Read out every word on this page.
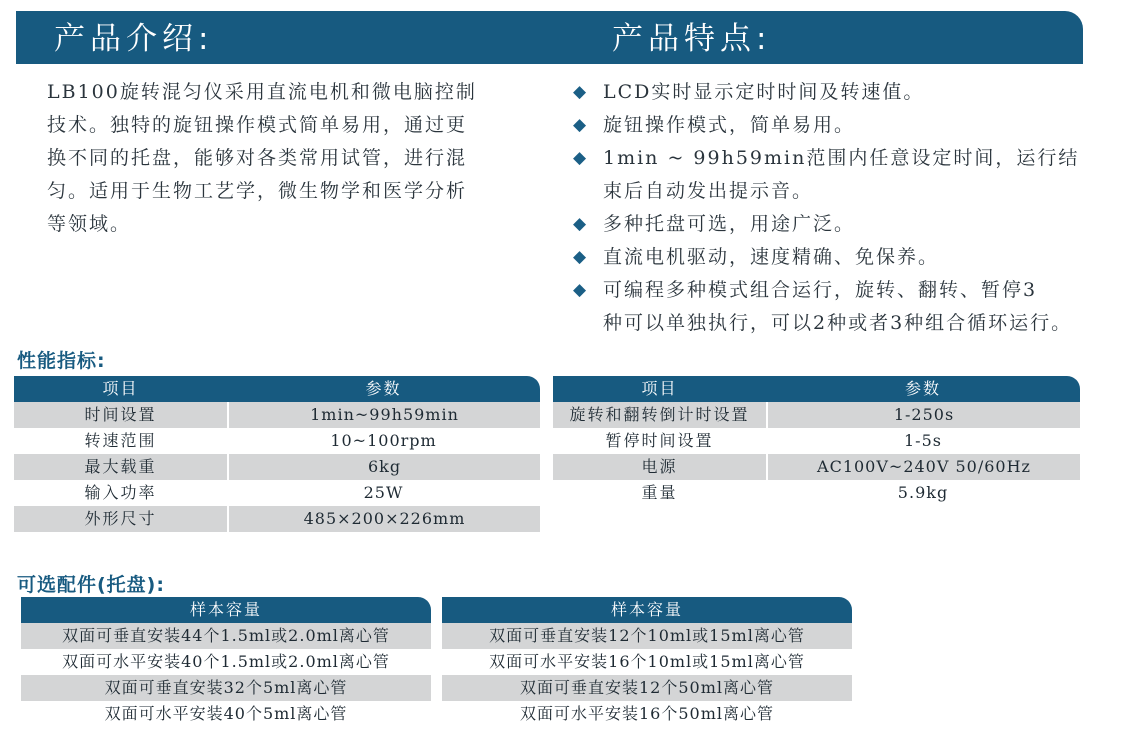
产品介绍:	产品特点:

LB100旋转混匀仪采用直流电机和微电脑控制

技术。独特的旋钮操作模式简单易用，通过更

换不同的托盘，能够对各类常用试管，进行混

匀。适用于生物工艺学，微生物学和医学分析

等领域。

◆ LCD实时显示定时时间及转速值。
◆ 旋钮操作模式，简单易用。
◆ 1min ~ 99h59min范围内任意设定时间，运行结
束后自动发出提示音。
◆ 多种托盘可选，用途广泛。
◆ 直流电机驱动，速度精确、免保养。
◆ 可编程多种模式组合运行，旋转、翻转、暂停3
种可以单独执行，可以2种或者3种组合循环运行。
性能指标:
项目	参数
时间设置	1min~99h59min
转速范围	10~100rpm
最大载重	6kg
输入功率	25W
外形尺寸	485×200×226mm
项目	参数
旋转和翻转倒计时设置	1-250s
暂停时间设置	1-5s
电源	AC100V~240V 50/60Hz
重量	5.9kg
可选配件(托盘):
样本容量
双面可垂直安装44个1.5ml或2.0ml离心管
双面可水平安装40个1.5ml或2.0ml离心管
双面可垂直安装32个5ml离心管
双面可水平安装40个5ml离心管
样本容量
双面可垂直安装12个10ml或15ml离心管
双面可水平安装16个10ml或15ml离心管
双面可垂直安装12个50ml离心管
双面可水平安装16个50ml离心管
